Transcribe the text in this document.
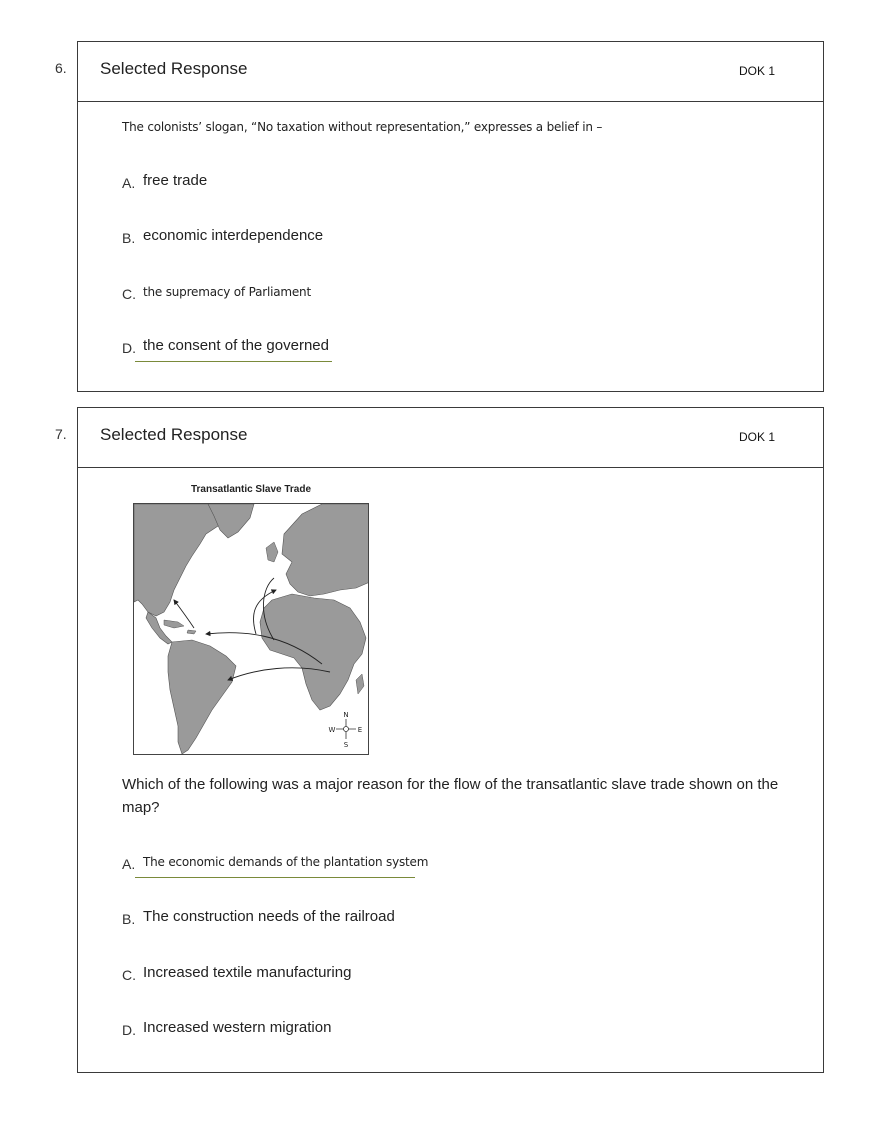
6. Selected Response	DOK 1
The colonists’ slogan, “No taxation without representation,” expresses a belief in –
A. free trade
B. economic interdependence
C. the supremacy of Parliament
D. the consent of the governed
7. Selected Response	DOK 1
Transatlantic Slave Trade
N
S
E
W
Which of the following was a major reason for the flow of the transatlantic slave trade shown on the map?
A. The economic demands of the plantation system
B. The construction needs of the railroad
C. Increased textile manufacturing
D. Increased western migration
